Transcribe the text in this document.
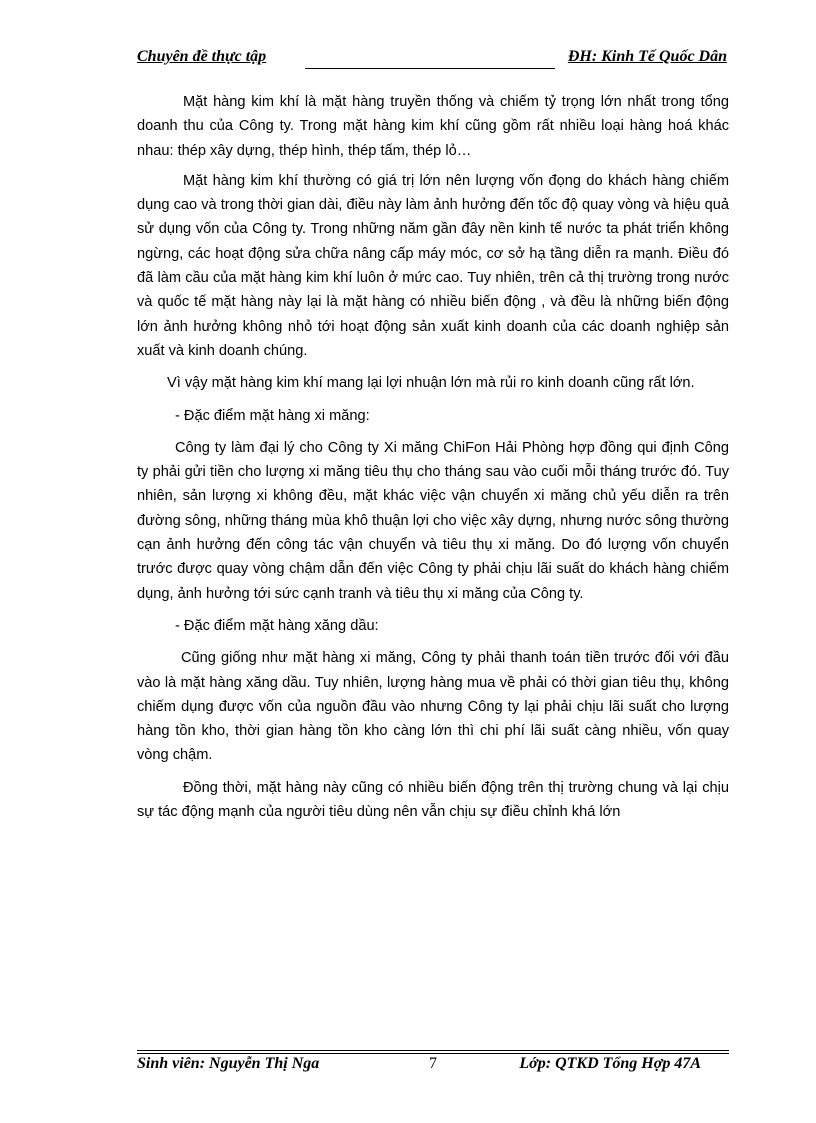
Chuyên đề thực tập	ĐH: Kinh Tế Quốc Dân

Mặt hàng kim khí là mặt hàng truyền thống và chiếm tỷ trọng lớn nhất trong tổng doanh thu của Công ty. Trong mặt hàng kim khí cũng gồm rất nhiều loại hàng hoá khác nhau: thép xây dựng, thép hình, thép tấm, thép lỏ…

Mặt hàng kim khí thường có giá trị lớn nên lượng vốn đọng do khách hàng chiếm dụng cao và trong thời gian dài, điều này làm ảnh hưởng đến tốc độ quay vòng và hiệu quả sử dụng vốn của Công ty. Trong những năm gần đây nền kinh tế nước ta phát triển không ngừng, các hoạt động sửa chữa nâng cấp máy móc, cơ sở hạ tầng diễn ra mạnh. Điều đó đã làm cầu của mặt hàng kim khí luôn ở mức cao. Tuy nhiên, trên cả thị trường trong nước và quốc tế mặt hàng này lại là mặt hàng có nhiều biến động , và đều là những biến động lớn ảnh hưởng không nhỏ tới hoạt động sản xuất kinh doanh của các doanh nghiệp sản xuất và kinh doanh chúng.

Vì vậy mặt hàng kim khí mang lại lợi nhuận lớn mà rủi ro kinh doanh cũng rất lớn.

- Đặc điểm mặt hàng xi măng:

Công ty làm đại lý cho Công ty Xi măng ChiFon Hải Phòng hợp đồng qui định Công ty phải gửi tiền cho lượng xi măng tiêu thụ cho tháng sau vào cuối mỗi tháng trước đó. Tuy nhiên, sản lượng xi không đều, mặt khác việc vận chuyển xi măng chủ yếu diễn ra trên đường sông, những tháng mùa khô thuận lợi cho việc xây dựng, nhưng nước sông thường cạn ảnh hưởng đến công tác vận chuyển và tiêu thụ xi măng. Do đó lượng vốn chuyển trước được quay vòng chậm dẫn đến việc Công ty phải chịu lãi suất do khách hàng chiếm dụng, ảnh hưởng tới sức cạnh tranh và tiêu thụ xi măng của Công ty.

- Đặc điểm mặt hàng xăng dầu:

Cũng giống như mặt hàng xi măng, Công ty phải thanh toán tiền trước đối với đầu vào là mặt hàng xăng dầu. Tuy nhiên, lượng hàng mua về phải có thời gian tiêu thụ, không chiếm dụng được vốn của nguồn đầu vào nhưng Công ty lại phải chịu lãi suất cho lượng hàng tồn kho, thời gian hàng tồn kho càng lớn thì chi phí lãi suất càng nhiều, vốn quay vòng chậm.

Đồng thời, mặt hàng này cũng có nhiều biến động trên thị trường chung và lại chịu sự tác động mạnh của người tiêu dùng nên vẫn chịu sự điều chỉnh khá lớn

Sinh viên: Nguyễn Thị Nga	7	Lớp: QTKD Tổng Hợp 47A
